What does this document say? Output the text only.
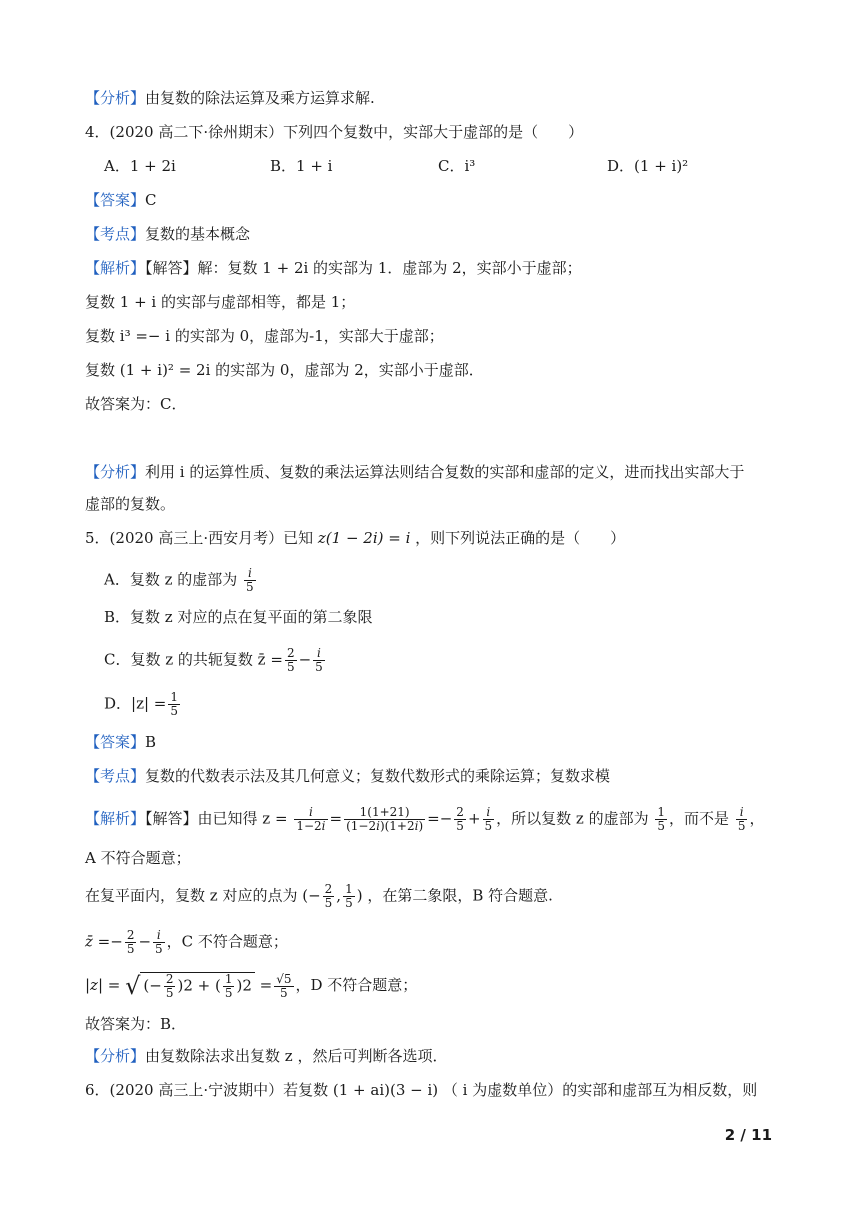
【分析】由复数的除法运算及乘方运算求解.
4．(2020 高二下·徐州期末）下列四个复数中，实部大于虚部的是（　　）
A．1 + 2i	B．1 + i	C．i³	D．(1 + i)²
【答案】C
【考点】复数的基本概念
【解析】【解答】解：复数 1 + 2i 的实部为 1．虚部为 2，实部小于虚部；
复数 1 + i 的实部与虚部相等，都是 1；
复数 i³ =− i 的实部为 0，虚部为-1，实部大于虚部；
复数 (1 + i)² = 2i 的实部为 0，虚部为 2，实部小于虚部．
故答案为：C．
【分析】利用 i 的运算性质、复数的乘法运算法则结合复数的实部和虚部的定义，进而找出实部大于
虚部的复数。
5．(2020 高三上·西安月考）已知 z(1 − 2i) = i ，则下列说法正确的是（　　）
A．复数 z 的虚部为 $\frac{i}{5}$
B．复数 z 对应的点在复平面的第二象限
C．复数 z 的共轭复数 z̄ = $\frac{2}{5} - \frac{i}{5}$
D．$|z| = \frac{1}{5}$
【答案】B
【考点】复数的代数表示法及其几何意义；复数代数形式的乘除运算；复数求模
【解析】【解答】由已知得 $z = \frac{i}{1-2i} = \frac{1(1+21)}{(1-2i)(1+2i)} =- \frac{2}{5} + \frac{i}{5}$ ，所以复数 z 的虚部为 $\frac{1}{5}$ ，而不是 $\frac{i}{5}$ ，
A 不符合题意；
在复平面内，复数 z 对应的点为 (− $\frac{2}{5}$ , $\frac{1}{5}$ ) ，在第二象限，B 符合题意.
z̄ =− $\frac{2}{5} - \frac{i}{5}$ ，C 不符合题意；
|z| = √ (− $\frac{2}{5} )2$ + ( $\frac{1}{5} )2 = \frac{√5}{5}$ ，D 不符合题意；
故答案为：B．
【分析】由复数除法求出复数 z ，然后可判断各选项．
6．(2020 高三上·宁波期中）若复数 (1 + ai)(3 − i) （ i 为虚数单位）的实部和虚部互为相反数，则
2 / 11
